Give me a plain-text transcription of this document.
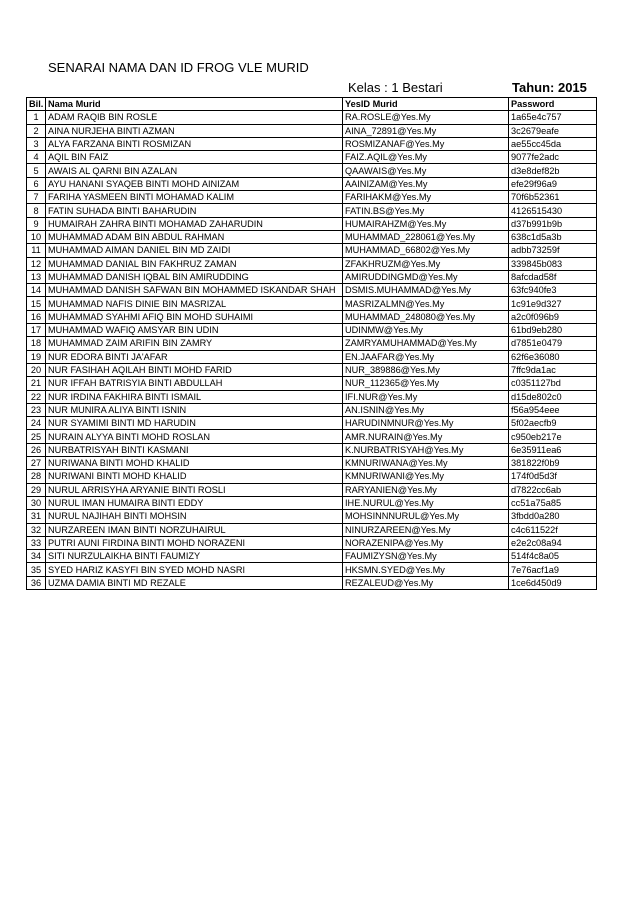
SENARAI NAMA DAN ID FROG VLE MURID
Kelas : 1 Bestari	Tahun: 2015
Bil.	Nama Murid	YesID Murid	Password
1	ADAM RAQIB BIN ROSLE	RA.ROSLE@Yes.My	1a65e4c757
2	AINA NURJEHA BINTI AZMAN	AINA_72891@Yes.My	3c2679eafe
3	ALYA FARZANA BINTI ROSMIZAN	ROSMIZANAF@Yes.My	ae55cc45da
4	AQIL BIN FAIZ	FAIZ.AQIL@Yes.My	9077fe2adc
5	AWAIS AL QARNI BIN AZALAN	QAAWAIS@Yes.My	d3e8def82b
6	AYU HANANI SYAQEB BINTI MOHD AINIZAM	AAINIZAM@Yes.My	efe29f96a9
7	FARIHA YASMEEN BINTI MOHAMAD KALIM	FARIHAKM@Yes.My	70f6b52361
8	FATIN SUHADA BINTI BAHARUDIN	FATIN.BS@Yes.My	4126515430
9	HUMAIRAH ZAHRA BINTI MOHAMAD ZAHARUDIN	HUMAIRAHZM@Yes.My	d37b991b9b
10	MUHAMMAD ADAM BIN ABDUL RAHMAN	MUHAMMAD_228061@Yes.My	638c1d5a3b
11	MUHAMMAD AIMAN DANIEL BIN MD ZAIDI	MUHAMMAD_66802@Yes.My	adbb73259f
12	MUHAMMAD DANIAL BIN FAKHRUZ ZAMAN	ZFAKHRUZM@Yes.My	339845b083
13	MUHAMMAD DANISH IQBAL BIN AMIRUDDING	AMIRUDDINGMD@Yes.My	8afcdad58f
14	MUHAMMAD DANISH SAFWAN BIN MOHAMMED ISKANDAR SHAH	DSMIS.MUHAMMAD@Yes.My	63fc940fe3
15	MUHAMMAD NAFIS DINIE BIN MASRIZAL	MASRIZALMN@Yes.My	1c91e9d327
16	MUHAMMAD SYAHMI AFIQ BIN MOHD SUHAIMI	MUHAMMAD_248080@Yes.My	a2c0f096b9
17	MUHAMMAD WAFIQ AMSYAR BIN UDIN	UDINMW@Yes.My	61bd9eb280
18	MUHAMMAD ZAIM ARIFIN BIN ZAMRY	ZAMRYAMUHAMMAD@Yes.My	d7851e0479
19	NUR EDORA BINTI JA'AFAR	EN.JAAFAR@Yes.My	62f6e36080
20	NUR FASIHAH AQILAH BINTI MOHD FARID	NUR_389886@Yes.My	7ffc9da1ac
21	NUR IFFAH BATRISYIA BINTI ABDULLAH	NUR_112365@Yes.My	c0351127bd
22	NUR IRDINA FAKHIRA BINTI ISMAIL	IFI.NUR@Yes.My	d15de802c0
23	NUR MUNIRA ALIYA BINTI ISNIN	AN.ISNIN@Yes.My	f56a954eee
24	NUR SYAMIMI BINTI MD HARUDIN	HARUDINMNUR@Yes.My	5f02aecfb9
25	NURAIN ALYYA BINTI MOHD ROSLAN	AMR.NURAIN@Yes.My	c950eb217e
26	NURBATRISYAH BINTI KASMANI	K.NURBATRISYAH@Yes.My	6e35911ea6
27	NURIWANA BINTI MOHD KHALID	KMNURIWANA@Yes.My	381822f0b9
28	NURIWANI BINTI MOHD KHALID	KMNURIWANI@Yes.My	174f0d5d3f
29	NURUL ARRISYHA ARYANIE BINTI ROSLI	RARYANIEN@Yes.My	d7822cc6ab
30	NURUL IMAN HUMAIRA BINTI EDDY	IHE.NURUL@Yes.My	cc51a75a85
31	NURUL NAJIHAH BINTI MOHSIN	MOHSINNNURUL@Yes.My	3fbdd0a280
32	NURZAREEN IMAN BINTI NORZUHAIRUL	NINURZAREEN@Yes.My	c4c611522f
33	PUTRI AUNI FIRDINA BINTI MOHD NORAZENI	NORAZENIPA@Yes.My	e2e2c08a94
34	SITI NURZULAIKHA BINTI FAUMIZY	FAUMIZYSN@Yes.My	514f4c8a05
35	SYED HARIZ KASYFI BIN SYED MOHD NASRI	HKSMN.SYED@Yes.My	7e76acf1a9
36	UZMA DAMIA BINTI MD REZALE	REZALEUD@Yes.My	1ce6d450d9
